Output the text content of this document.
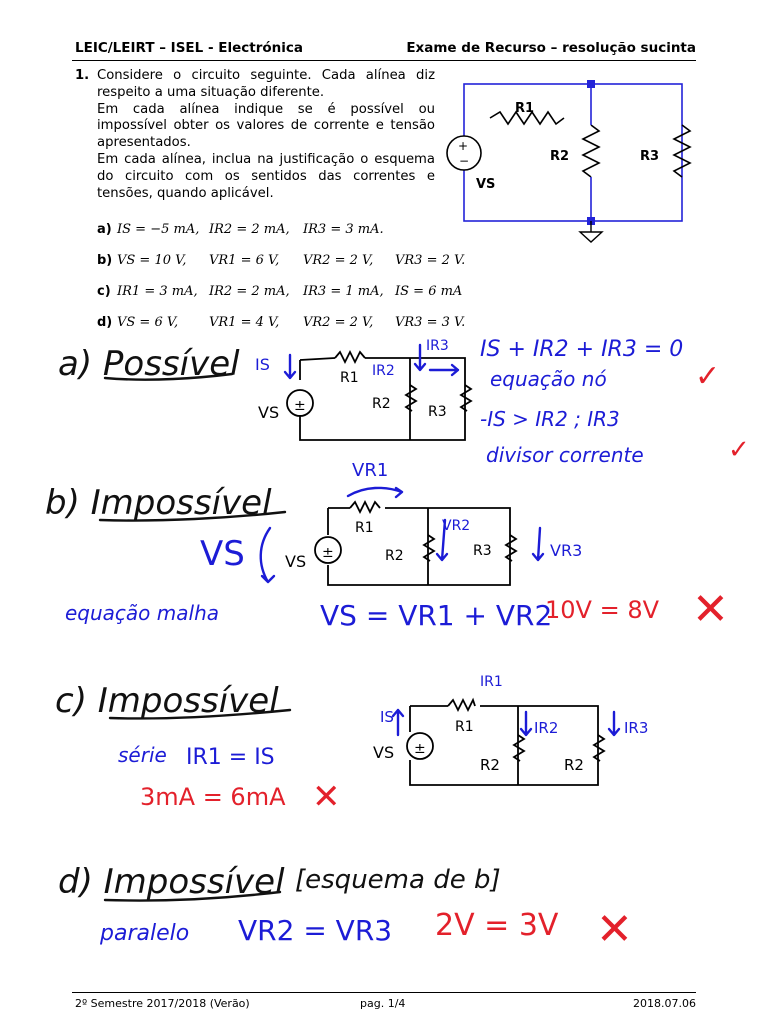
LEIC/LEIRT – ISEL - Electrónica	Exame de Recurso – resolução sucinta
1. Considere o circuito seguinte. Cada alínea diz respeito a uma situação diferente.

Em cada alínea indique se é possível ou impossível obter os valores de corrente e tensão apresentados.

Em cada alínea, inclua na justificação o esquema do circuito com os sentidos das correntes e tensões, quando aplicável.

a) IS = −5 mA, IR2 = 2 mA, IR3 = 3 mA.
b) VS = 10 V, VR1 = 6 V, VR2 = 2 V, VR3 = 2 V.
c) IR1 = 3 mA, IR2 = 2 mA, IR3 = 1 mA, IS = 6 mA
d) VS = 6 V, VR1 = 4 V, VR2 = 2 V, VR3 = 3 V.
+
−
R1
R2	R3
VS
a) Possível
±
IS
R1
R2	R3
VS
IR2
IR3 IS + IR2 + IR3 = 0
equação nó
-IS > IR2 ; IR3
divisor corrente
✓
✓
b) Impossível
±
VR1
R1
R2	R3
VS
VR2
VR3
VS
equação malha	VS = VR1 + VR2
10V = 8V ✕
c) Impossível
±
IR1
IS
R1
R2	R2
VS
IR2	IR3
série IR1 = IS
3mA = 6mA ✕
d) Impossível [esquema de b]
paralelo VR2 = VR3 2V = 3V ✕
2º Semestre 2017/2018 (Verão)	pag. 1/4	2018.07.06
